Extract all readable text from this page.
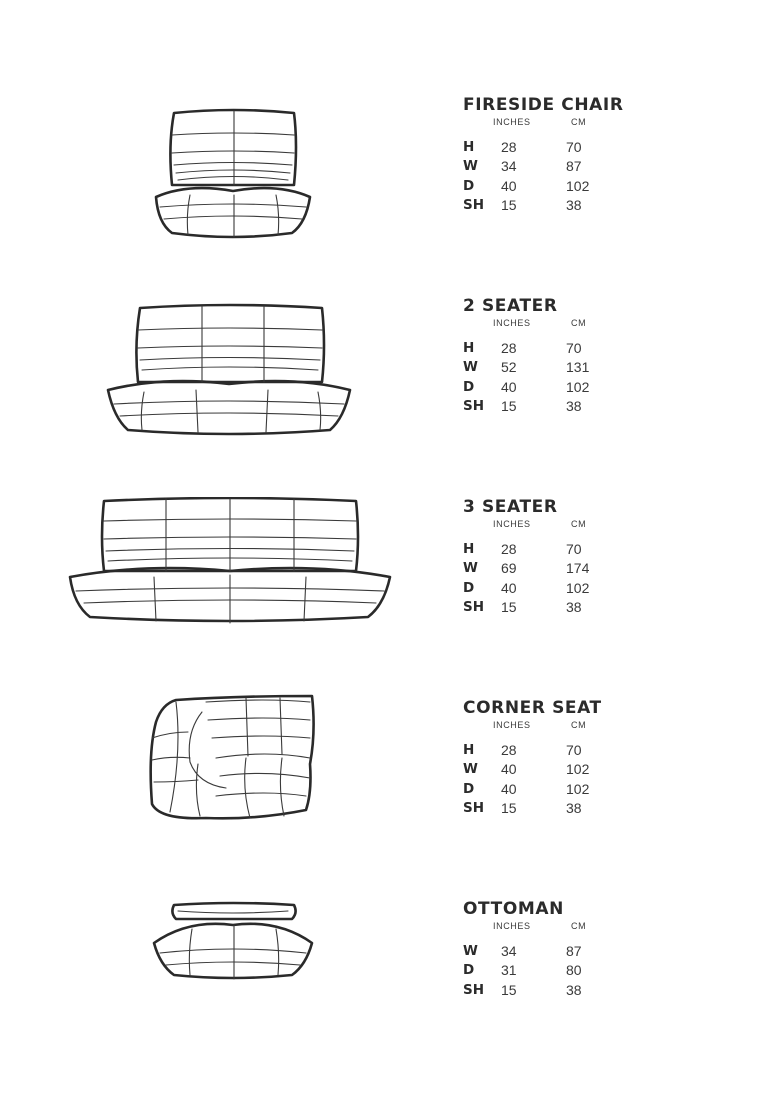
FIRESIDE CHAIR
INCHES	CM
H 28	70
W 34	87
D 40	102
SH 15	38
2 SEATER
INCHES	CM
H 28	70
W 52	131
D 40	102
SH 15	38
3 SEATER
INCHES	CM
H 28	70
W 69	174
D 40	102
SH 15	38
CORNER SEAT
INCHES	CM
H 28	70
W 40	102
D 40	102
SH 15	38
OTTOMAN
INCHES	CM
W 34	87
D 31	80
SH 15	38
